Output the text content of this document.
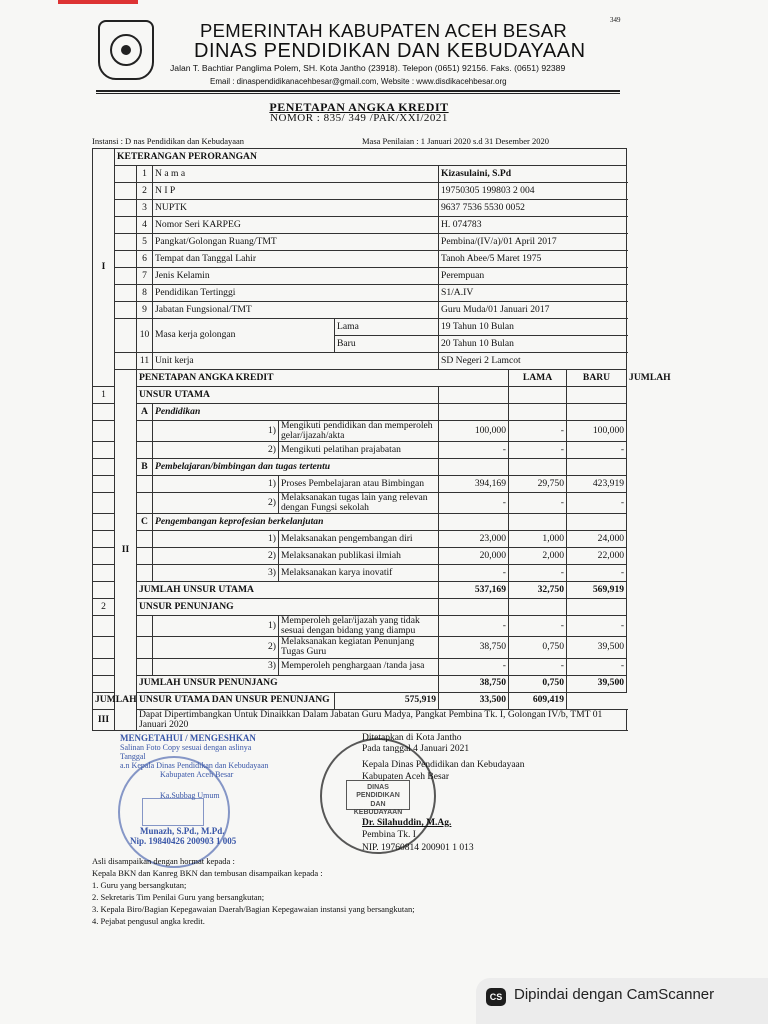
349
PEMERINTAH KABUPATEN ACEH BESAR
DINAS PENDIDIKAN DAN KEBUDAYAAN
Jalan T. Bachtiar Panglima Polem, SH. Kota Jantho (23918). Telepon (0651) 92156. Faks. (0651) 92389
Email : dinaspendidikanacehbesar@gmail.com, Website : www.disdikacehbesar.org
PENETAPAN ANGKA KREDIT
NOMOR : 835/ 349 /PAK/XXI/2021
Instansi : D nas Pendidikan dan Kebudayaan	Masa Penilaian : 1 Januari 2020 s.d 31 Desember 2020
I	KETERANGAN PERORANGAN								
		1	N a m a			Kizasulaini, S.Pd			
		2	N I P			19750305 199803 2 004			
		3	NUPTK			9637 7536 5530 0052			
		4	Nomor Seri KARPEG			H. 074783			
		5	Pangkat/Golongan Ruang/TMT			Pembina/(IV/a)/01 April 2017			
		6	Tempat dan Tanggal Lahir			Tanoh Abee/5 Maret 1975			
		7	Jenis Kelamin			Perempuan			
		8	Pendidikan Tertinggi			S1/A.IV			
		9	Jabatan Fungsional/TMT			Guru Muda/01 Januari 2017			
		10	Masa kerja golongan		Lama	19 Tahun 10 Bulan			
					Baru	20 Tahun 10 Bulan			
		11	Unit kerja			SD Negeri 2 Lamcot			
	II	PENETAPAN ANGKA KREDIT					LAMA	BARU	JUMLAH
1		UNSUR UTAMA							
		A	Pendidikan						
			1)	Mengikuti pendidikan dan memperoleh gelar/ijazah/akta		100,000	-	100,000	
			2)	Mengikuti pelatihan prajabatan		-	-	-	
		B	Pembelajaran/bimbingan dan tugas tertentu						
			1)	Proses Pembelajaran atau Bimbingan		394,169	29,750	423,919	
			2)	Melaksanakan tugas lain yang relevan dengan Fungsi sekolah		-	-	-	
		C	Pengembangan keprofesian berkelanjutan						
			1)	Melaksanakan pengembangan diri		23,000	1,000	24,000	
			2)	Melaksanakan publikasi ilmiah		20,000	2,000	22,000	
			3)	Melaksanakan karya inovatif		-	-	-	
		JUMLAH UNSUR UTAMA				537,169	32,750	569,919	
2		UNSUR PENUNJANG							
			1)	Memperoleh gelar/ijazah yang tidak sesuai dengan bidang yang diampu		-	-	-	
			2)	Melaksanakan kegiatan Penunjang Tugas Guru		38,750	0,750	39,500	
			3)	Memperoleh penghargaan /tanda jasa		-	-	-	
		JUMLAH UNSUR PENUNJANG				38,750	0,750	39,500	
JUMLAH UNSUR UTAMA DAN UNSUR PENUNJANG					575,919	33,500	609,419		
III		Dapat Dipertimbangkan Untuk Dinaikkan Dalam Jabatan Guru Madya, Pangkat Pembina Tk. I, Golongan IV/b, TMT 01 Januari 2020							
MENGETAHUI / MENGESHKAN
Salinan Foto Copy sesuai dengan aslinya
Tanggal
a.n Kepala Dinas Pendidikan dan Kebudayaan
Kabupaten Aceh Besar
Ka.Subbag Umum
Munazh, S.Pd., M.Pd.
Nip. 19840426 200903 1 005
DINAS PENDIDIKAN
DAN KEBUDAYAAN
Ditetapkan di Kota Jantho
Pada tanggal 4 Januari 2021
Kepala Dinas Pendidikan dan Kebudayaan
Kabupaten Aceh Besar
Dr. Silahuddin, M.Ag.
Pembina Tk. I
NIP. 19760814 200901 1 013
Asli disampaikan dengan hormat kepada :
Kepala BKN dan Kanreg BKN dan tembusan disampaikan kepada :
1. Guru yang bersangkutan;
2. Sekretaris Tim Penilai Guru yang bersangkutan;
3. Kepala Biro/Bagian Kepegawaian Daerah/Bagian Kepegawaian instansi yang bersangkutan;
4. Pejabat pengusul angka kredit.
CS Dipindai dengan CamScanner
